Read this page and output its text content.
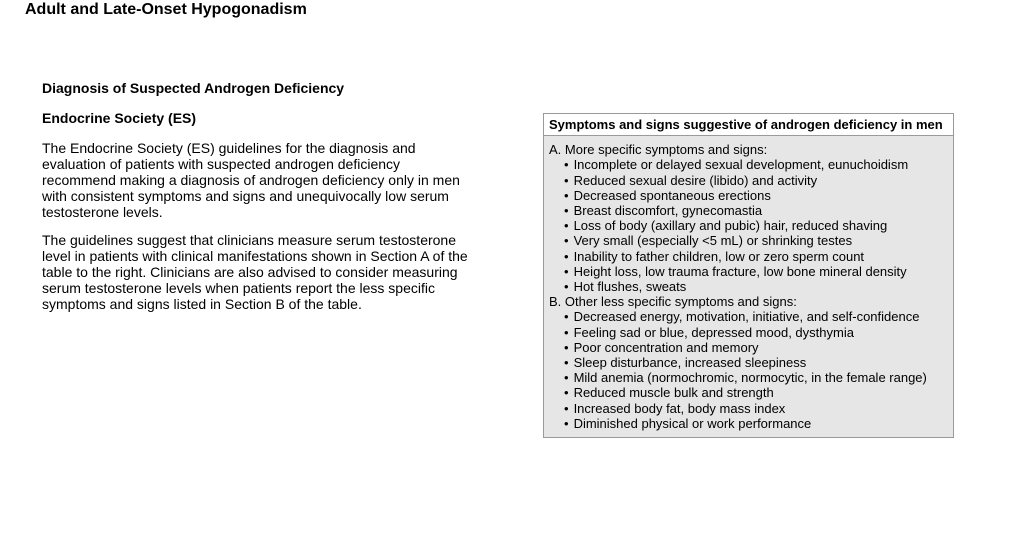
Adult and Late-Onset Hypogonadism

Diagnosis of Suspected Androgen Deficiency

Endocrine Society (ES)

The Endocrine Society (ES) guidelines for the diagnosis and evaluation of patients with suspected androgen deficiency recommend making a diagnosis of androgen deficiency only in men with consistent symptoms and signs and unequivocally low serum testosterone levels.

The guidelines suggest that clinicians measure serum testosterone level in patients with clinical manifestations shown in Section A of the table to the right. Clinicians are also advised to consider measuring serum testosterone levels when patients report the less specific symptoms and signs listed in Section B of the table.

Symptoms and signs suggestive of androgen deficiency in men

A. More specific symptoms and signs:

• Incomplete or delayed sexual development, eunuchoidism
• Reduced sexual desire (libido) and activity
• Decreased spontaneous erections
• Breast discomfort, gynecomastia
• Loss of body (axillary and pubic) hair, reduced shaving
• Very small (especially <5 mL) or shrinking testes
• Inability to father children, low or zero sperm count
• Height loss, low trauma fracture, low bone mineral density
• Hot flushes, sweats

B. Other less specific symptoms and signs:

• Decreased energy, motivation, initiative, and self-confidence
• Feeling sad or blue, depressed mood, dysthymia
• Poor concentration and memory
• Sleep disturbance, increased sleepiness
• Mild anemia (normochromic, normocytic, in the female range)
• Reduced muscle bulk and strength
• Increased body fat, body mass index
• Diminished physical or work performance
